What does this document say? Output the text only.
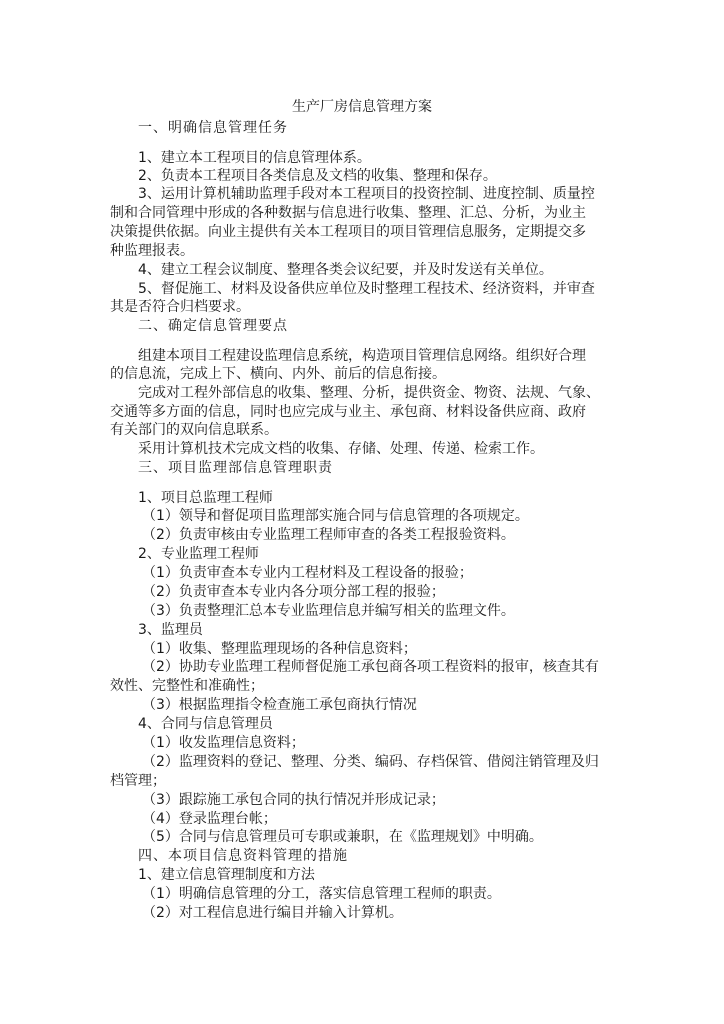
生产厂房信息管理方案
一、明确信息管理任务
1、建立本工程项目的信息管理体系。
2、负责本工程项目各类信息及文档的收集、整理和保存。
3、运用计算机辅助监理手段对本工程项目的投资控制、进度控制、质量控
制和合同管理中形成的各种数据与信息进行收集、整理、汇总、分析，为业主
决策提供依据。向业主提供有关本工程项目的项目管理信息服务，定期提交多
种监理报表。
4、建立工程会议制度、整理各类会议纪要，并及时发送有关单位。
5、督促施工、材料及设备供应单位及时整理工程技术、经济资料，并审查
其是否符合归档要求。
二、确定信息管理要点
组建本项目工程建设监理信息系统，构造项目管理信息网络。组织好合理
的信息流，完成上下、横向、内外、前后的信息衔接。
完成对工程外部信息的收集、整理、分析，提供资金、物资、法规、气象、
交通等多方面的信息，同时也应完成与业主、承包商、材料设备供应商、政府
有关部门的双向信息联系。
采用计算机技术完成文档的收集、存储、处理、传递、检索工作。
三、项目监理部信息管理职责
1、项目总监理工程师
（1）领导和督促项目监理部实施合同与信息管理的各项规定。
（2）负责审核由专业监理工程师审查的各类工程报验资料。
2、专业监理工程师
（1）负责审查本专业内工程材料及工程设备的报验；
（2）负责审查本专业内各分项分部工程的报验；
（3）负责整理汇总本专业监理信息并编写相关的监理文件。
3、监理员
（1）收集、整理监理现场的各种信息资料；
（2）协助专业监理工程师督促施工承包商各项工程资料的报审，核查其有
效性、完整性和准确性；
（3）根据监理指令检查施工承包商执行情况
4、合同与信息管理员
（1）收发监理信息资料；
（2）监理资料的登记、整理、分类、编码、存档保管、借阅注销管理及归
档管理；
（3）跟踪施工承包合同的执行情况并形成记录；
（4）登录监理台帐；
（5）合同与信息管理员可专职或兼职，在《监理规划》中明确。
四、本项目信息资料管理的措施
1、建立信息管理制度和方法
（1）明确信息管理的分工，落实信息管理工程师的职责。
（2）对工程信息进行编目并输入计算机。
